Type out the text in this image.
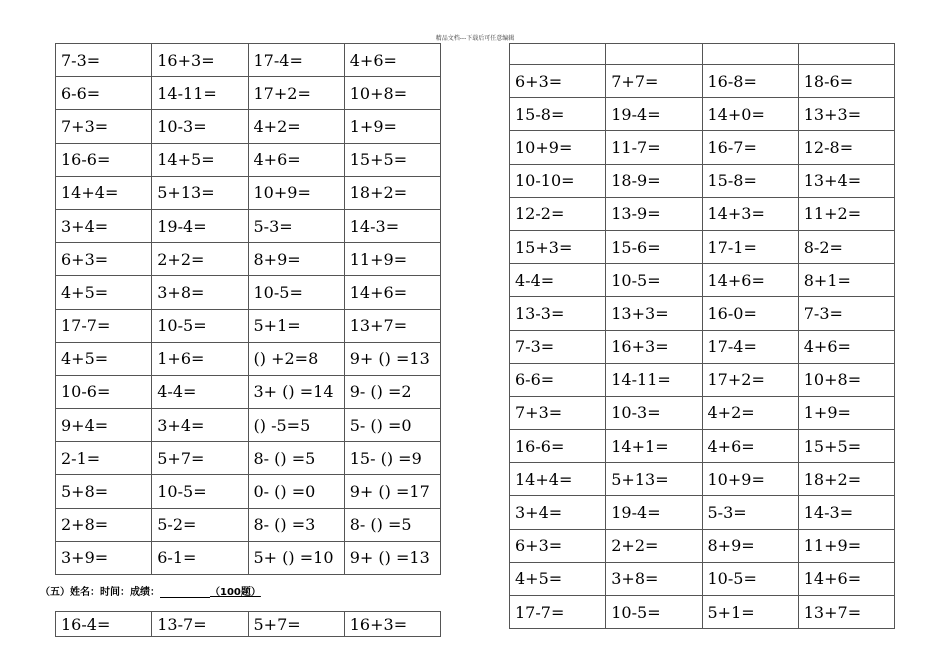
精品文档---下载后可任意编辑
7-3=	16+3=	17-4=	4+6=
6-6=	14-11=	17+2=	10+8=
7+3=	10-3=	4+2=	1+9=
16-6=	14+5=	4+6=	15+5=
14+4=	5+13=	10+9=	18+2=
3+4=	19-4=	5-3=	14-3=
6+3=	2+2=	8+9=	11+9=
4+5=	3+8=	10-5=	14+6=
17-7=	10-5=	5+1=	13+7=
4+5=	1+6=	() +2=8	9+ () =13
10-6=	4-4=	3+ () =14	9- () =2
9+4=	3+4=	() -5=5	5- () =0
2-1=	5+7=	8- () =5	15- () =9
5+8=	10-5=	0- () =0	9+ () =17
2+8=	5-2=	8- () =3	8- () =5
3+9=	6-1=	5+ () =10	9+ () =13
（五）姓名：时间：成绩：	（100题）
16-4=	13-7=	5+7=	16+3=

6+3=	7+7=	16-8=	18-6=
15-8=	19-4=	14+0=	13+3=
10+9=	11-7=	16-7=	12-8=
10-10=	18-9=	15-8=	13+4=
12-2=	13-9=	14+3=	11+2=
15+3=	15-6=	17-1=	8-2=
4-4=	10-5=	14+6=	8+1=
13-3=	13+3=	16-0=	7-3=
7-3=	16+3=	17-4=	4+6=
6-6=	14-11=	17+2=	10+8=
7+3=	10-3=	4+2=	1+9=
16-6=	14+1=	4+6=	15+5=
14+4=	5+13=	10+9=	18+2=
3+4=	19-4=	5-3=	14-3=
6+3=	2+2=	8+9=	11+9=
4+5=	3+8=	10-5=	14+6=
17-7=	10-5=	5+1=	13+7=
